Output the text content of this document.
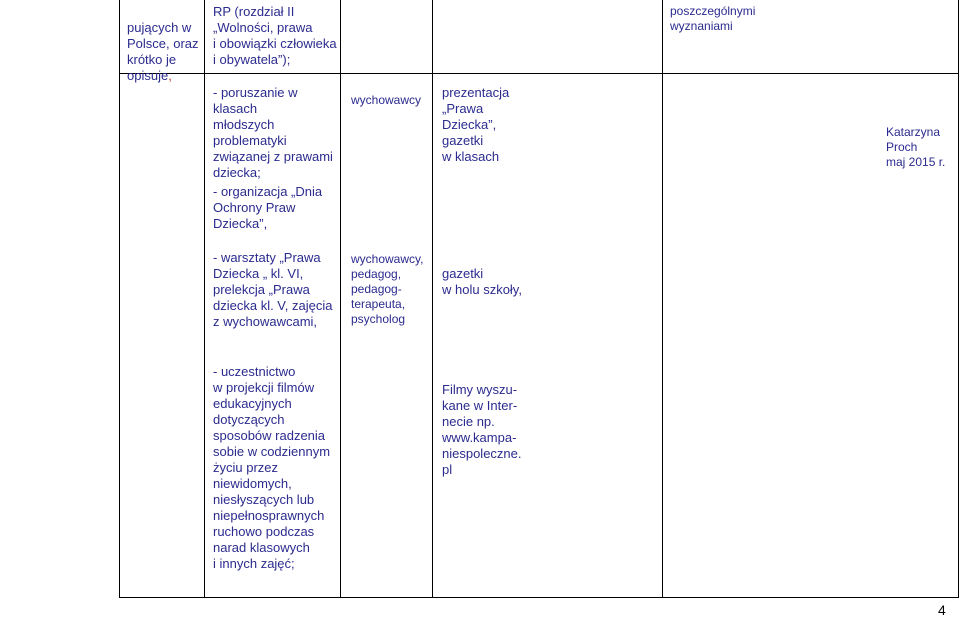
pujących w
Polsce, oraz
krótko je
opisuje,

RP (rozdział II
„Wolności, prawa
i obowiązki człowieka
i obywatela”);
poszczególnymi
wyznaniami
- poruszanie w klasach
młodszych
problematyki
związanej z prawami
dziecka;
wychowawcy	prezentacja
„Prawa
Dziecka”,
gazetki
w klasach
- organizacja „Dnia
Ochrony Praw
Dziecka”,
Katarzyna
Proch
maj 2015 r.
- warsztaty „Prawa
Dziecka „ kl. VI,
prelekcja „Prawa
dziecka kl. V, zajęcia
z wychowawcami,
wychowawcy,
pedagog,
pedagog-
terapeuta,
psycholog
gazetki
w holu szkoły,
- uczestnictwo
w projekcji filmów
edukacyjnych
dotyczących
sposobów radzenia
sobie w codziennym
życiu przez
niewidomych,
niesłyszących lub
niepełnosprawnych
ruchowo podczas
narad klasowych
i innych zajęć;
Filmy wyszu-
kane w Inter-
necie np.
www.kampa-
niespoleczne.
pl
4
